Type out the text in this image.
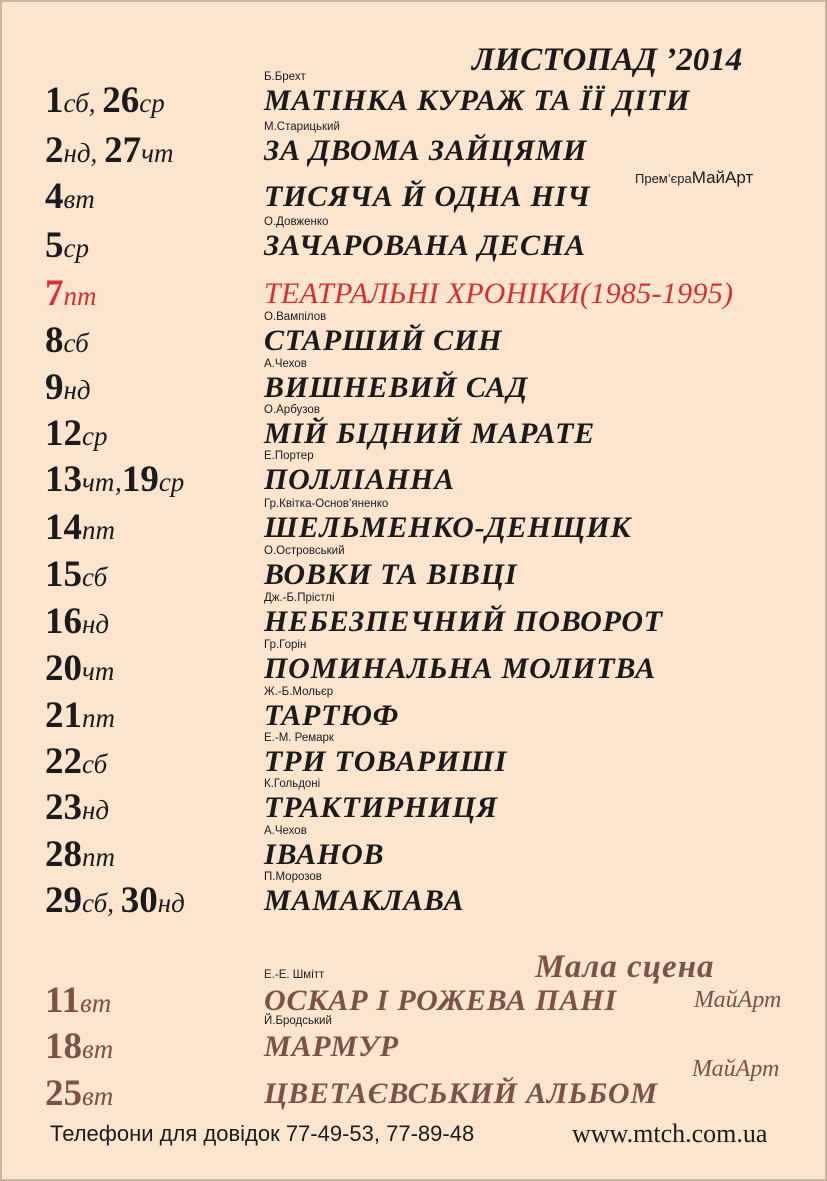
ЛИСТОПАД ’2014
1сб, 26ср	МАТІНКА КУРАЖ ТА ЇЇ ДІТИ
Б.Брехт
2нд, 27чт	ЗА ДВОМА ЗАЙЦЯМИ
М.Старицький
4вт	ТИСЯЧА Й ОДНА НІЧ
5ср	ЗАЧАРОВАНА ДЕСНА
О.Довженко
7пт	ТЕАТРАЛЬНІ ХРОНІКИ(1985-1995)
8сб	СТАРШИЙ СИН
О.Вампілов
9нд	ВИШНЕВИЙ САД
А.Чехов
12ср	МІЙ БІДНИЙ МАРАТЕ
О.Арбузов
13чт,19ср	ПОЛЛІАННА
Е.Портер
14пт	ШЕЛЬМЕНКО-ДЕНЩИК
Гр.Квітка-Основ’яненко
15сб	ВОВКИ ТА ВІВЦІ
О.Островський
16нд	НЕБЕЗПЕЧНИЙ ПОВОРОТ
Дж.-Б.Прістлі
20чт	ПОМИНАЛЬНА МОЛИТВА
Гр.Горін
21пт	ТАРТЮФ
Ж.-Б.Мольєр
22сб	ТРИ ТОВАРИШІ
Е.-М. Ремарк
23нд	ТРАКТИРНИЦЯ
К.Гольдоні
28пт	ІВАНОВ
А.Чехов
29сб, 30нд	МАМАКЛАВА
П.Морозов
Прем’єраМайАрт
Мала сцена
11вт	ОСКАР І РОЖЕВА ПАНІ
Е.-Е. Шмітт
МайАрт
18вт	МАРМУР
Й.Бродський
25вт	ЦВЕТАЄВСЬКИЙ АЛЬБОМ
МайАрт
Телефони для довідок 77-49-53, 77-89-48	www.mtch.com.ua
